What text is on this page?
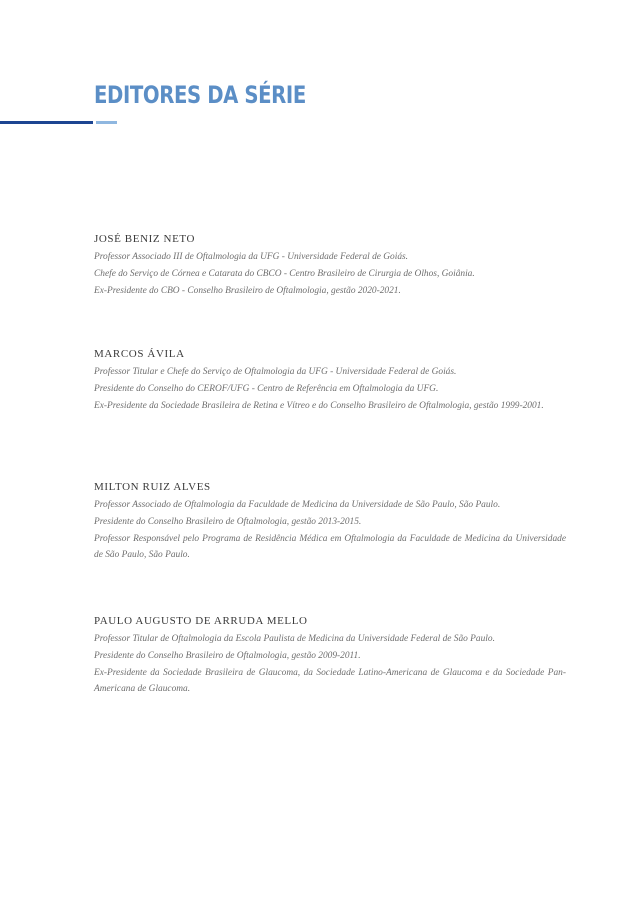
EDITORES DA SÉRIE
JOSÉ BENIZ NETO

Professor Associado III de Oftalmologia da UFG - Universidade Federal de Goiás.

Chefe do Serviço de Córnea e Catarata do CBCO - Centro Brasileiro de Cirurgia de Olhos, Goiânia.

Ex-Presidente do CBO - Conselho Brasileiro de Oftalmologia, gestão 2020-2021.

MARCOS ÁVILA

Professor Titular e Chefe do Serviço de Oftalmologia da UFG - Universidade Federal de Goiás.

Presidente do Conselho do CEROF/UFG - Centro de Referência em Oftalmologia da UFG.

Ex-Presidente da Sociedade Brasileira de Retina e Vítreo e do Conselho Brasileiro de Oftalmologia, gestão 1999-2001.

MILTON RUIZ ALVES

Professor Associado de Oftalmologia da Faculdade de Medicina da Universidade de São Paulo, São Paulo.

Presidente do Conselho Brasileiro de Oftalmologia, gestão 2013-2015.

Professor Responsável pelo Programa de Residência Médica em Oftalmologia da Faculdade de Medicina da Universidade de São Paulo, São Paulo.

PAULO AUGUSTO DE ARRUDA MELLO

Professor Titular de Oftalmologia da Escola Paulista de Medicina da Universidade Federal de São Paulo.

Presidente do Conselho Brasileiro de Oftalmologia, gestão 2009-2011.

Ex-Presidente da Sociedade Brasileira de Glaucoma, da Sociedade Latino-Americana de Glaucoma e da Sociedade Pan-Americana de Glaucoma.
